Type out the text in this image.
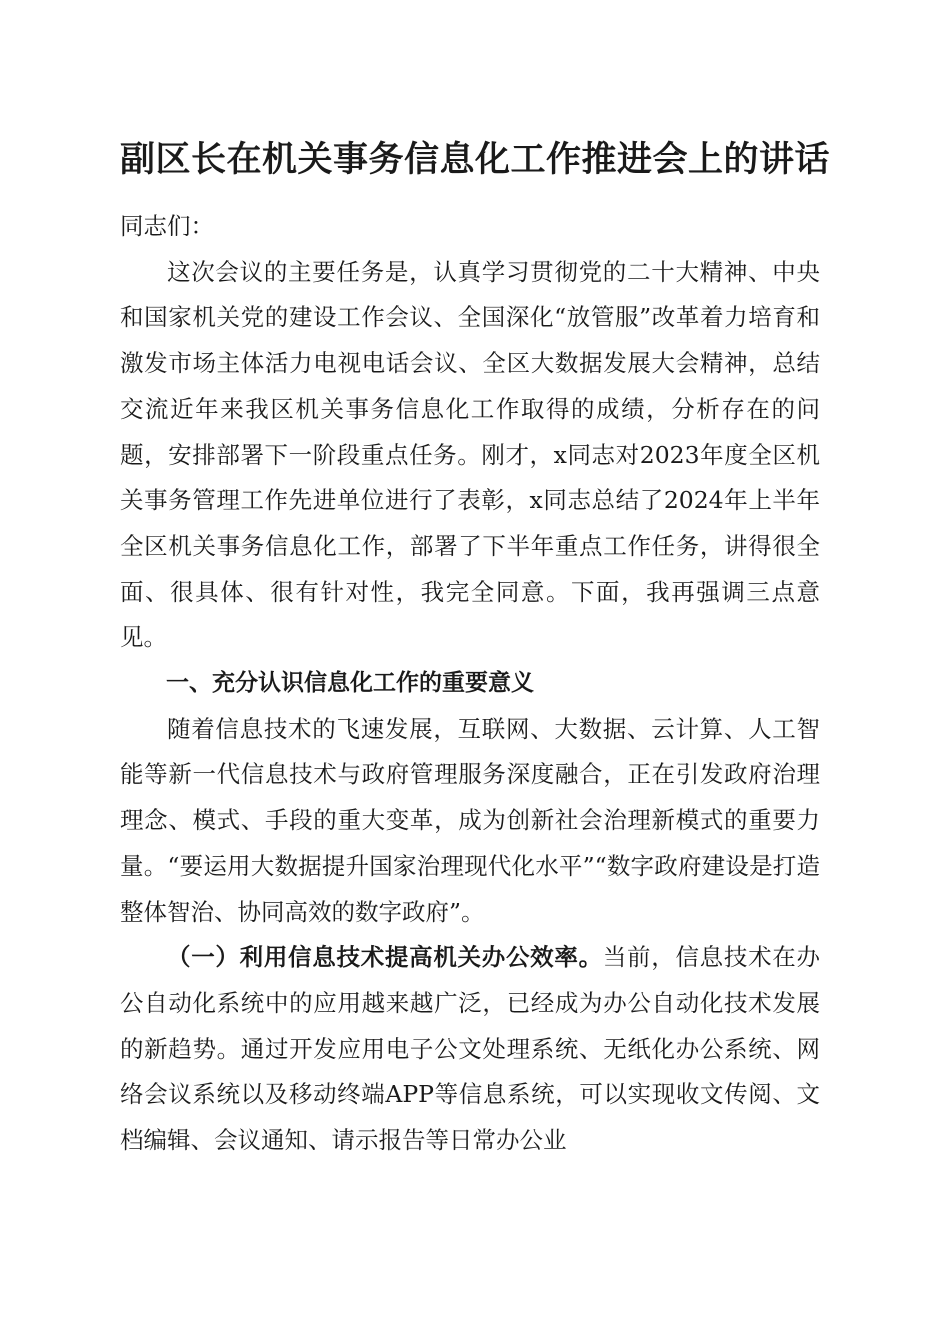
副区长在机关事务信息化工作推进会上的讲话

同志们：

这次会议的主要任务是，认真学习贯彻党的二十大精神、中央和国家机关党的建设工作会议、全国深化“放管服”改革着力培育和激发市场主体活力电视电话会议、全区大数据发展大会精神，总结交流近年来我区机关事务信息化工作取得的成绩，分析存在的问题，安排部署下一阶段重点任务。刚才，x同志对2023年度全区机关事务管理工作先进单位进行了表彰，x同志总结了2024年上半年全区机关事务信息化工作，部署了下半年重点工作任务，讲得很全面、很具体、很有针对性，我完全同意。下面，我再强调三点意见。

一、充分认识信息化工作的重要意义

随着信息技术的飞速发展，互联网、大数据、云计算、人工智能等新一代信息技术与政府管理服务深度融合，正在引发政府治理理念、模式、手段的重大变革，成为创新社会治理新模式的重要力量。“要运用大数据提升国家治理现代化水平”“数字政府建设是打造整体智治、协同高效的数字政府”。

（一）利用信息技术提高机关办公效率。当前，信息技术在办公自动化系统中的应用越来越广泛，已经成为办公自动化技术发展的新趋势。通过开发应用电子公文处理系统、无纸化办公系统、网络会议系统以及移动终端APP等信息系统，可以实现收文传阅、文档编辑、会议通知、请示报告等日常办公业
